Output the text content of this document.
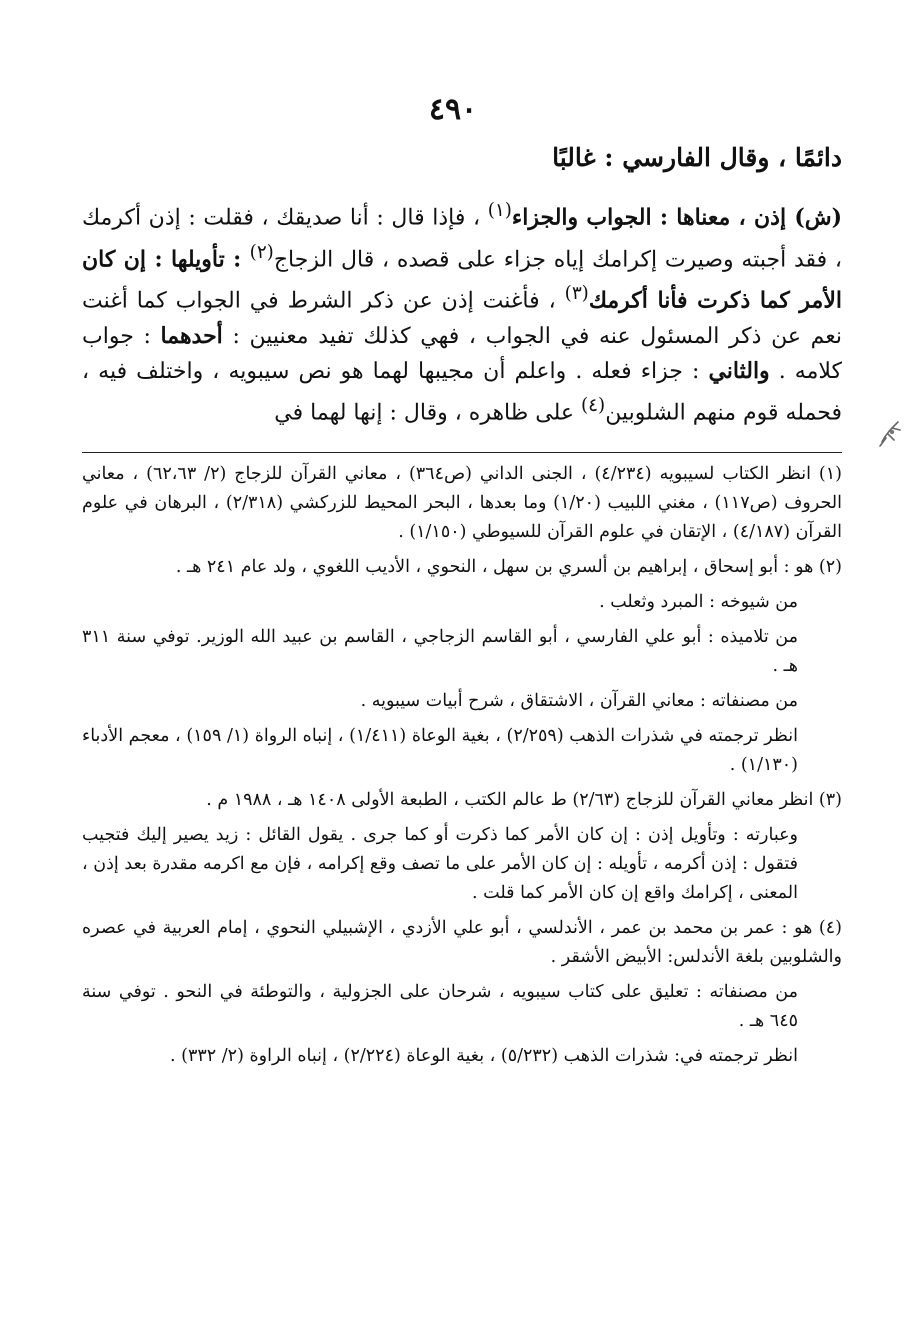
٤٩٠
دائمًا ، وقال الفارسي : غالبًا

(ش) إذن ، معناها : الجواب والجزاء$^{(١)}$ ، فإذا قال : أنا صديقك ، فقلت : إذن أكرمك ، فقد أجبته وصيرت إكرامك إياه جزاء على قصده ، قال الزجاج$^{(٢)}$ : تأويلها : إن كان الأمر كما ذكرت فأنا أكرمك$^{(٣)}$ ، فأغنت إذن عن ذكر الشرط في الجواب كما أغنت نعم عن ذكر المسئول عنه في الجواب ، فهي كذلك تفيد معنيين : أحدهما : جواب كلامه . والثاني : جزاء فعله . واعلم أن مجيبها لهما هو نص سيبويه ، واختلف فيه ، فحمله قوم منهم الشلوبين$^{(٤)}$ على ظاهره ، وقال : إنها لهما في

(١) انظر الكتاب لسيبويه (٤/٢٣٤) ، الجنى الداني (ص٣٦٤) ، معاني القرآن للزجاج (٢/ ٦٢،٦٣) ، معاني الحروف (ص١١٧) ، مغني اللبيب (١/٢٠) وما بعدها ، البحر المحيط للزركشي (٢/٣١٨) ، البرهان في علوم القرآن (٤/١٨٧) ، الإتقان في علوم القرآن للسيوطي (١/١٥٠) .

(٢) هو : أبو إسحاق ، إبراهيم بن ألسري بن سهل ، النحوي ، الأديب اللغوي ، ولد عام ٢٤١ هـ .

من شيوخه : المبرد وثعلب .

من تلاميذه : أبو علي الفارسي ، أبو القاسم الزجاجي ، القاسم بن عبيد الله الوزير. توفي سنة ٣١١ هـ .

من مصنفاته : معاني القرآن ، الاشتقاق ، شرح أبيات سيبويه .

انظر ترجمته في شذرات الذهب (٢/٢٥٩) ، بغية الوعاة (١/٤١١) ، إنباه الرواة (١/ ١٥٩) ، معجم الأدباء (١/١٣٠) .

(٣) انظر معاني القرآن للزجاج (٢/٦٣) ط عالم الكتب ، الطبعة الأولى ١٤٠٨ هـ ، ١٩٨٨ م .

وعبارته : وتأويل إذن : إن كان الأمر كما ذكرت أو كما جرى . يقول القائل : زيد يصير إليك فتجيب فتقول : إذن أكرمه ، تأويله : إن كان الأمر على ما تصف وقع إكرامه ، فإن مع اكرمه مقدرة بعد إذن ، المعنى ، إكرامك واقع إن كان الأمر كما قلت .

(٤) هو : عمر بن محمد بن عمر ، الأندلسي ، أبو علي الأزدي ، الإشبيلي النحوي ، إمام العربية في عصره والشلوبين بلغة الأندلس: الأبيض الأشقر .

من مصنفاته : تعليق على كتاب سيبويه ، شرحان على الجزولية ، والتوطئة في النحو . توفي سنة ٦٤٥ هـ .

انظر ترجمته في: شذرات الذهب (٥/٢٣٢) ، بغية الوعاة (٢/٢٢٤) ، إنباه الراوة (٢/ ٣٣٢) .
